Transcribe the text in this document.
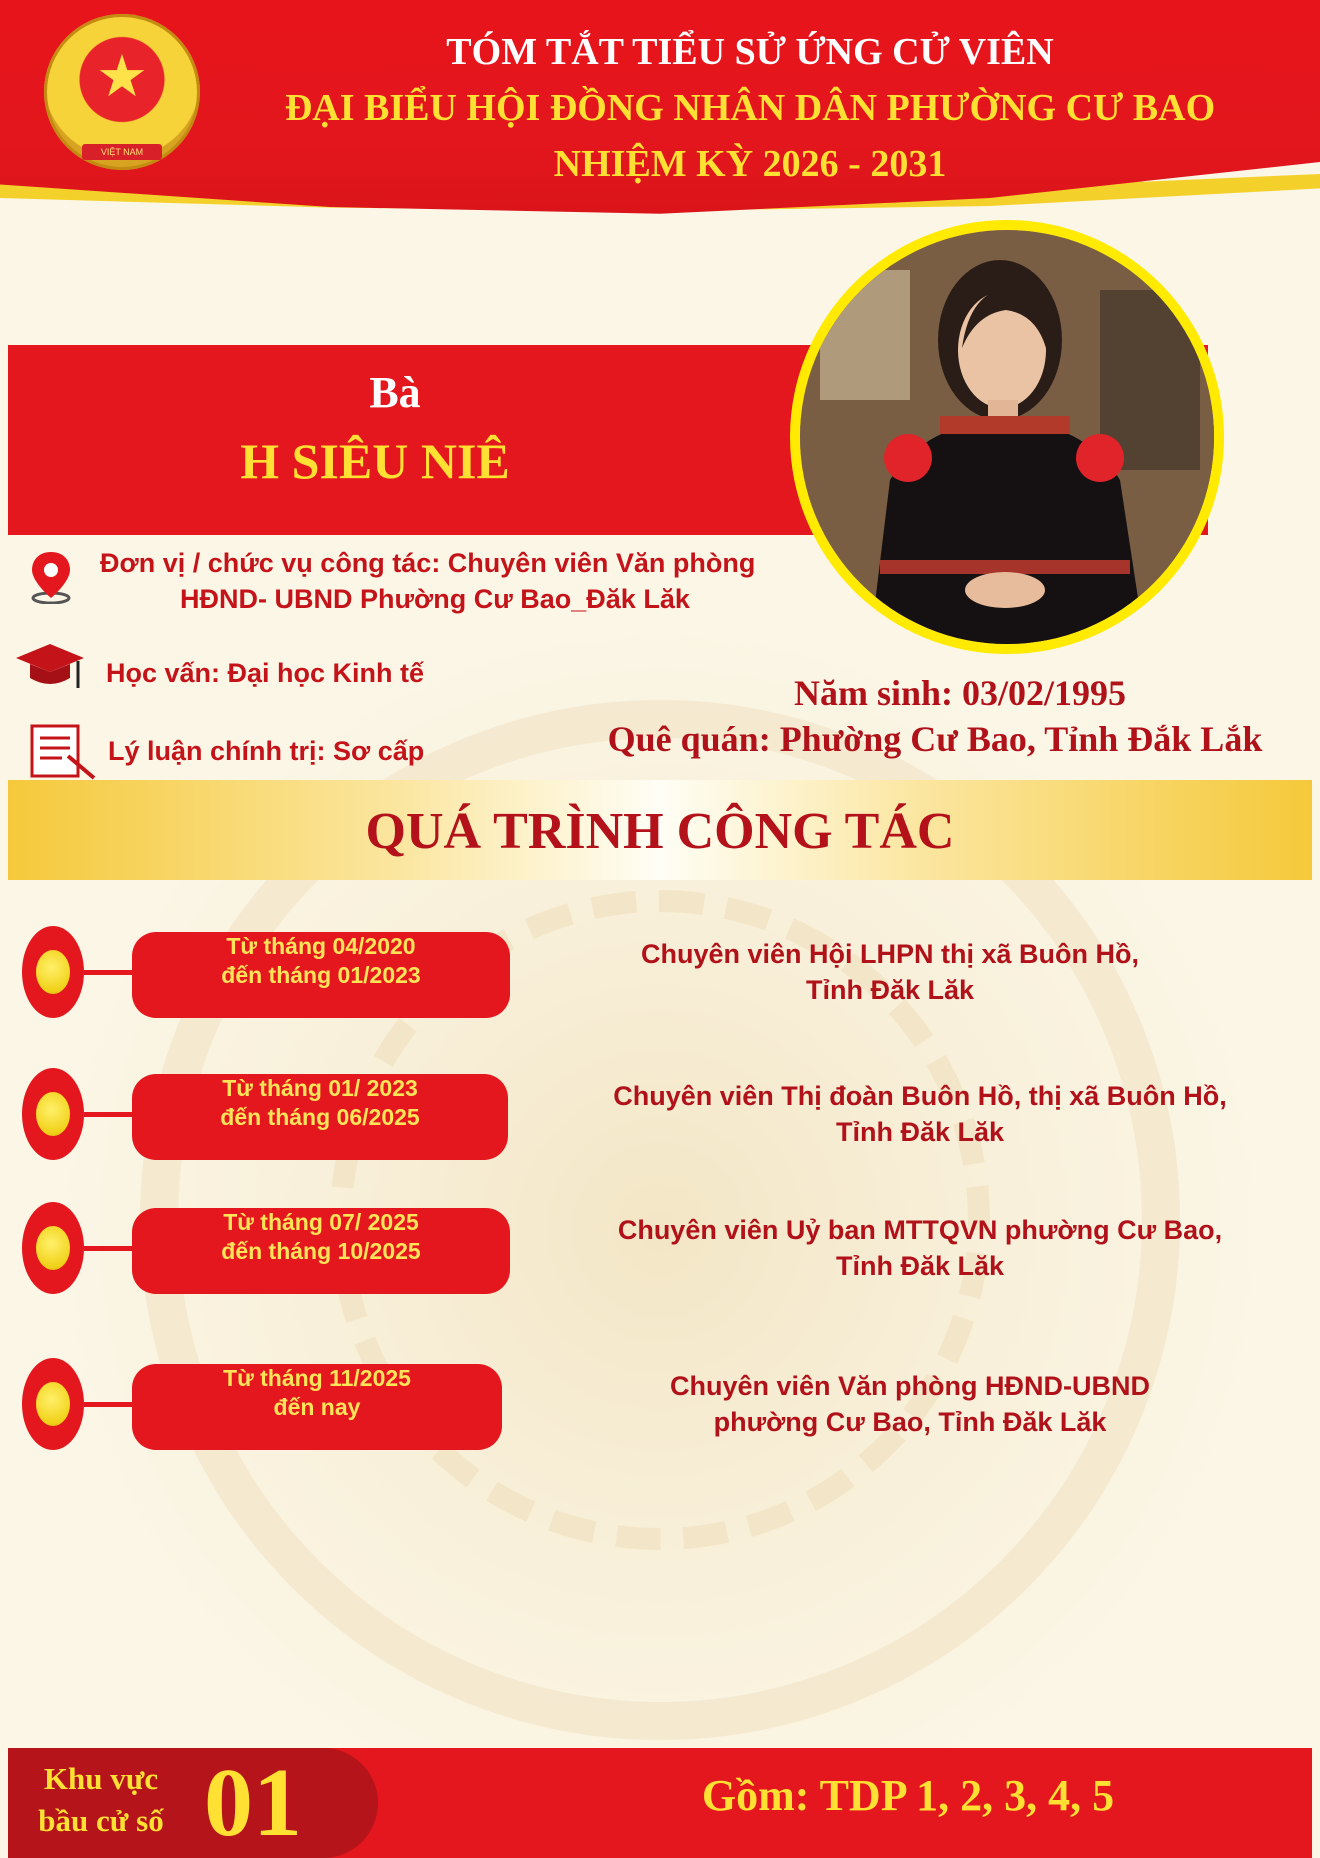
★
VIỆT NAM
TÓM TẮT TIỂU SỬ ỨNG CỬ VIÊN
ĐẠI BIỂU HỘI ĐỒNG NHÂN DÂN PHƯỜNG CƯ BAO
NHIỆM KỲ 2026 - 2031
Bà
H SIÊU NIÊ
Đơn vị / chức vụ công tác: Chuyên viên Văn phòng
HĐND- UBND Phường Cư Bao_Đăk Lăk
Học vấn: Đại học Kinh tế
Lý luận chính trị: Sơ cấp
Năm sinh: 03/02/1995
Quê quán: Phường Cư Bao, Tỉnh Đắk Lắk
QUÁ TRÌNH CÔNG TÁC
Từ tháng 04/2020
đến tháng 01/2023
Chuyên viên Hội LHPN thị xã Buôn Hồ,
Tỉnh Đăk Lăk
Từ tháng 01/ 2023
đến tháng 06/2025
Chuyên viên Thị đoàn Buôn Hồ, thị xã Buôn Hồ,
Tỉnh Đăk Lăk
Từ tháng 07/ 2025
đến tháng 10/2025
Chuyên viên Uỷ ban MTTQVN phường Cư Bao,
Tỉnh Đăk Lăk
Từ tháng 11/2025
đến nay
Chuyên viên Văn phòng HĐND-UBND
phường Cư Bao, Tỉnh Đăk Lăk
Khu vực
bầu cử số 01	Gồm: TDP 1, 2, 3, 4, 5
